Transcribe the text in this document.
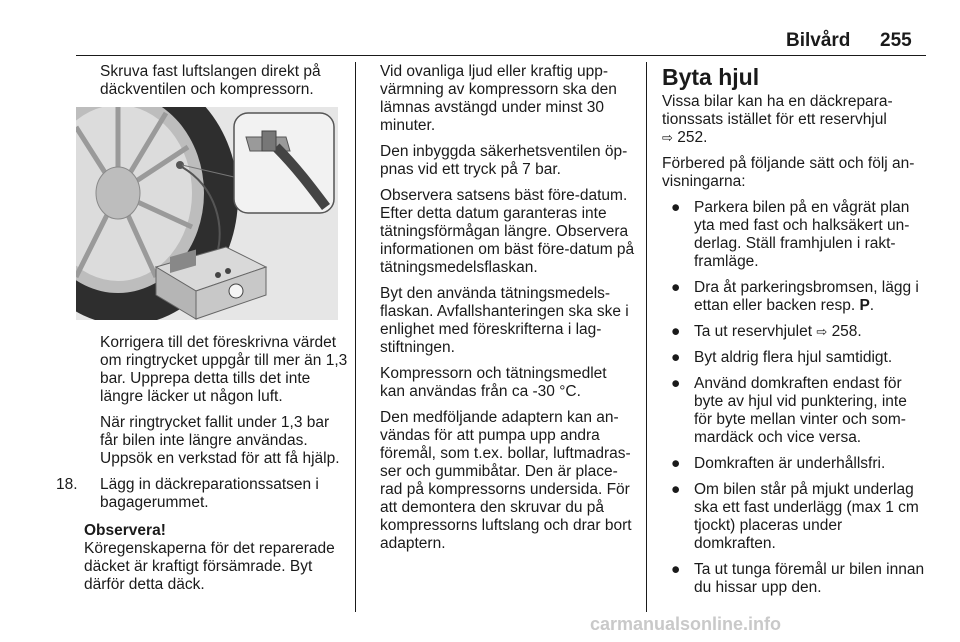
Bilvård 255

Skruva fast luftslangen direkt på däckventilen och kompressorn.

Korrigera till det föreskrivna värdet om ringtrycket uppgår till mer än 1,3 bar. Upprepa detta tills det inte längre läcker ut någon luft.

När ringtrycket fallit under 1,3 bar får bilen inte längre användas. Uppsök en verkstad för att få hjälp.

18. Lägg in däckreparationssatsen i bagagerummet.

Observera!
Köregenskaperna för det reparerade däcket är kraftigt försämrade. Byt därför detta däck.

Vid ovanliga ljud eller kraftig uppvärmning av kompressorn ska den lämnas avstängd under minst 30 minuter.

Den inbyggda säkerhetsventilen öppnas vid ett tryck på 7 bar.

Observera satsens bäst före-datum. Efter detta datum garanteras inte tätningsförmågan längre. Observera informationen om bäst före-datum på tätningsmedelsflaskan.

Byt den använda tätningsmedelsflaskan. Avfallshanteringen ska ske i enlighet med föreskrifterna i lagstiftningen.

Kompressorn och tätningsmedlet kan användas från ca -30 °C.

Den medföljande adaptern kan användas för att pumpa upp andra föremål, som t.ex. bollar, luftmadrasser och gummibåtar. Den är placerad på kompressorns undersida. För att demontera den skruvar du på kompressorns luftslang och drar bort adaptern.

Byta hjul

Vissa bilar kan ha en däckreparationssats istället för ett reservhjul
⇨ 252.

Förbered på följande sätt och följ anvisningarna:

● Parkera bilen på en vågrät plan yta med fast och halksäkert underlag. Ställ framhjulen i raktframläge.
● Dra åt parkeringsbromsen, lägg i ettan eller backen resp. P.
● Ta ut reservhjulet ⇨ 258.
● Byt aldrig flera hjul samtidigt.
● Använd domkraften endast för byte av hjul vid punktering, inte för byte mellan vinter och sommardäck och vice versa.
● Domkraften är underhållsfri.
● Om bilen står på mjukt underlag ska ett fast underlägg (max 1 cm tjockt) placeras under domkraften.
● Ta ut tunga föremål ur bilen innan du hissar upp den.
carmanualsonline.info
